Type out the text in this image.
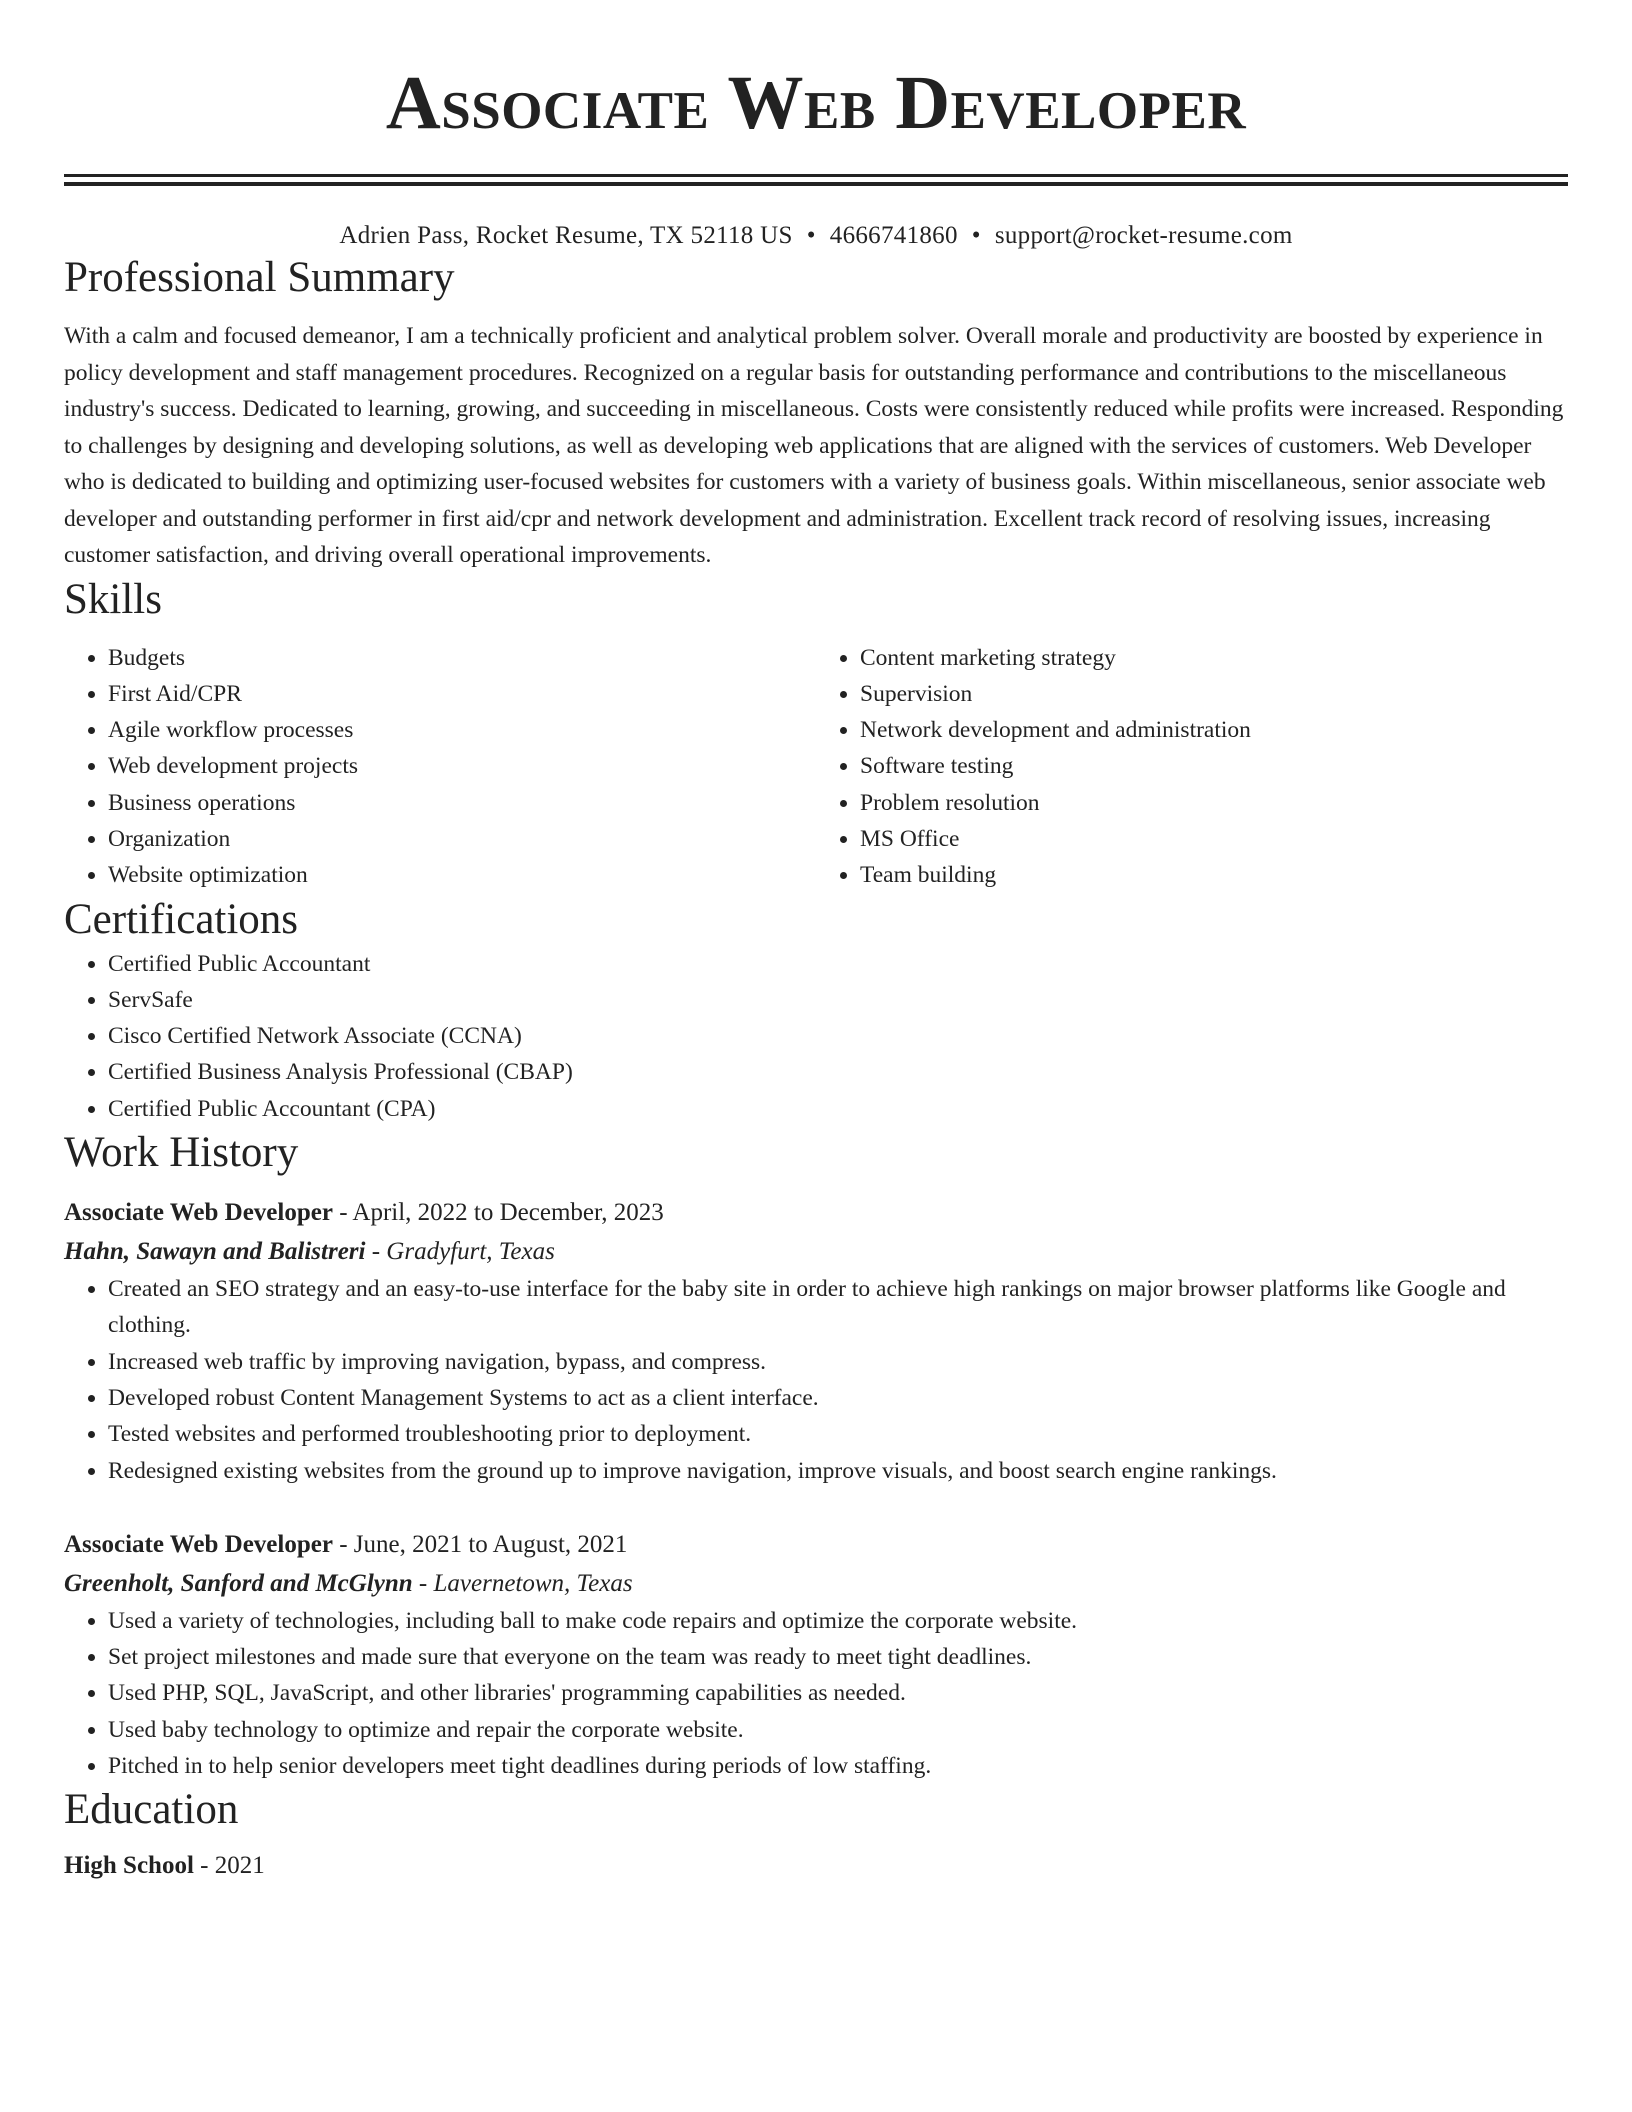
Associate Web Developer
Adrien Pass, Rocket Resume, TX 52118 US • 4666741860 • support@rocket-resume.com
Professional Summary

With a calm and focused demeanor, I am a technically proficient and analytical problem solver. Overall morale and productivity are boosted by experience in policy development and staff management procedures. Recognized on a regular basis for outstanding performance and contributions to the miscellaneous industry's success. Dedicated to learning, growing, and succeeding in miscellaneous. Costs were consistently reduced while profits were increased. Responding to challenges by designing and developing solutions, as well as developing web applications that are aligned with the services of customers. Web Developer who is dedicated to building and optimizing user-focused websites for customers with a variety of business goals. Within miscellaneous, senior associate web developer and outstanding performer in first aid/cpr and network development and administration. Excellent track record of resolving issues, increasing customer satisfaction, and driving overall operational improvements.

Skills
• Budgets
• First Aid/CPR
• Agile workflow processes
• Web development projects
• Business operations
• Organization
• Website optimization
• Content marketing strategy
• Supervision
• Network development and administration
• Software testing
• Problem resolution
• MS Office
• Team building
Certifications
• Certified Public Accountant
• ServSafe
• Cisco Certified Network Associate (CCNA)
• Certified Business Analysis Professional (CBAP)
• Certified Public Accountant (CPA)
Work History
Associate Web Developer - April, 2022 to December, 2023
Hahn, Sawayn and Balistreri - Gradyfurt, Texas
• Created an SEO strategy and an easy-to-use interface for the baby site in order to achieve high rankings on major browser platforms like Google and clothing.
• Increased web traffic by improving navigation, bypass, and compress.
• Developed robust Content Management Systems to act as a client interface.
• Tested websites and performed troubleshooting prior to deployment.
• Redesigned existing websites from the ground up to improve navigation, improve visuals, and boost search engine rankings.
Associate Web Developer - June, 2021 to August, 2021
Greenholt, Sanford and McGlynn - Lavernetown, Texas
• Used a variety of technologies, including ball to make code repairs and optimize the corporate website.
• Set project milestones and made sure that everyone on the team was ready to meet tight deadlines.
• Used PHP, SQL, JavaScript, and other libraries' programming capabilities as needed.
• Used baby technology to optimize and repair the corporate website.
• Pitched in to help senior developers meet tight deadlines during periods of low staffing.
Education
High School - 2021
